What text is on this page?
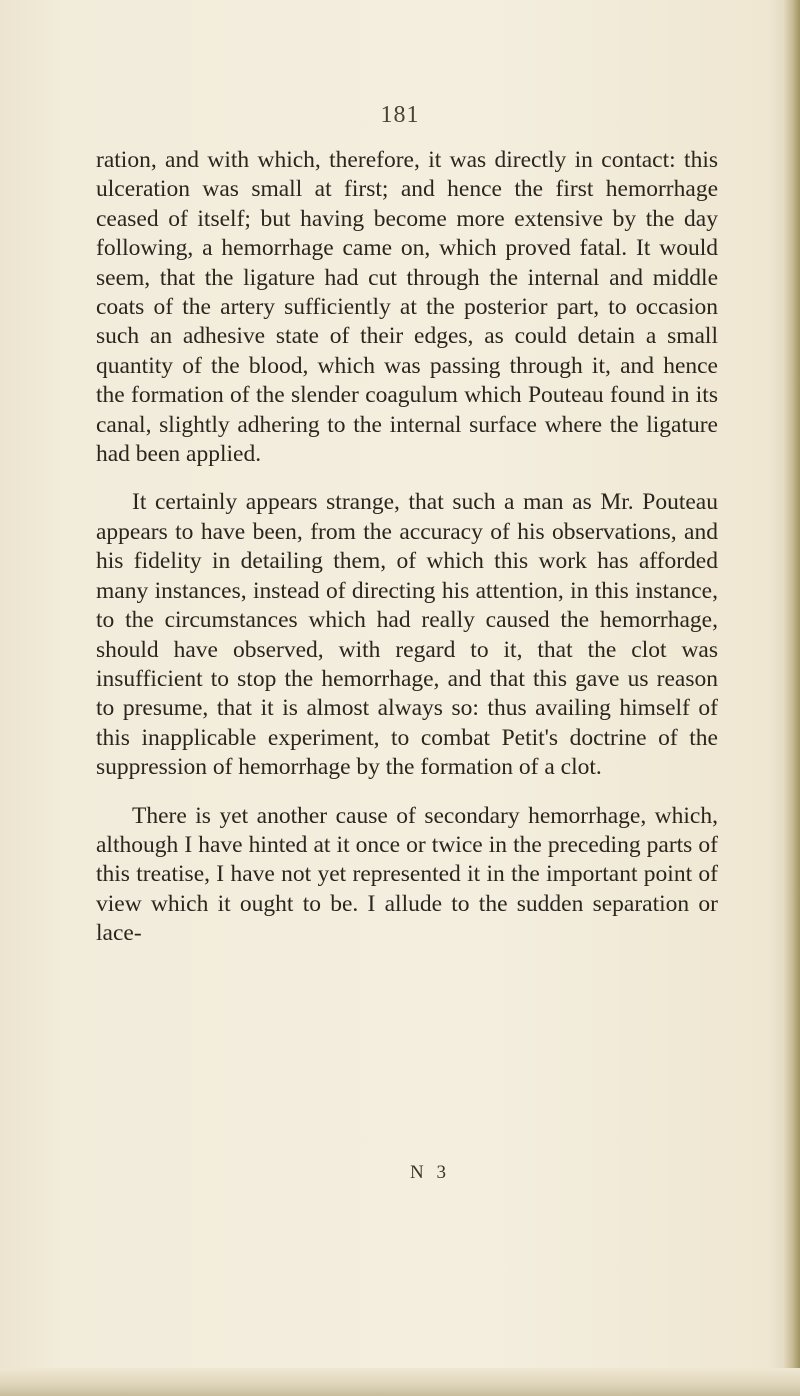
181

ration, and with which, therefore, it was directly in contact: this ulceration was small at first; and hence the first hemorrhage ceased of itself; but having become more extensive by the day following, a hemorrhage came on, which proved fatal. It would seem, that the ligature had cut through the internal and middle coats of the artery sufficiently at the posterior part, to occasion such an adhesive state of their edges, as could detain a small quantity of the blood, which was passing through it, and hence the formation of the slender coagulum which Pouteau found in its canal, slightly adhering to the internal surface where the ligature had been applied.

It certainly appears strange, that such a man as Mr. Pouteau appears to have been, from the accuracy of his observations, and his fidelity in detailing them, of which this work has afforded many instances, instead of directing his attention, in this instance, to the circumstances which had really caused the hemorrhage, should have observed, with regard to it, that the clot was insufficient to stop the hemorrhage, and that this gave us reason to presume, that it is almost always so: thus availing himself of this inapplicable experiment, to combat Petit's doctrine of the suppression of hemorrhage by the formation of a clot.

There is yet another cause of secondary hemorrhage, which, although I have hinted at it once or twice in the preceding parts of this treatise, I have not yet represented it in the important point of view which it ought to be. I allude to the sudden separation or lace-

N 3
